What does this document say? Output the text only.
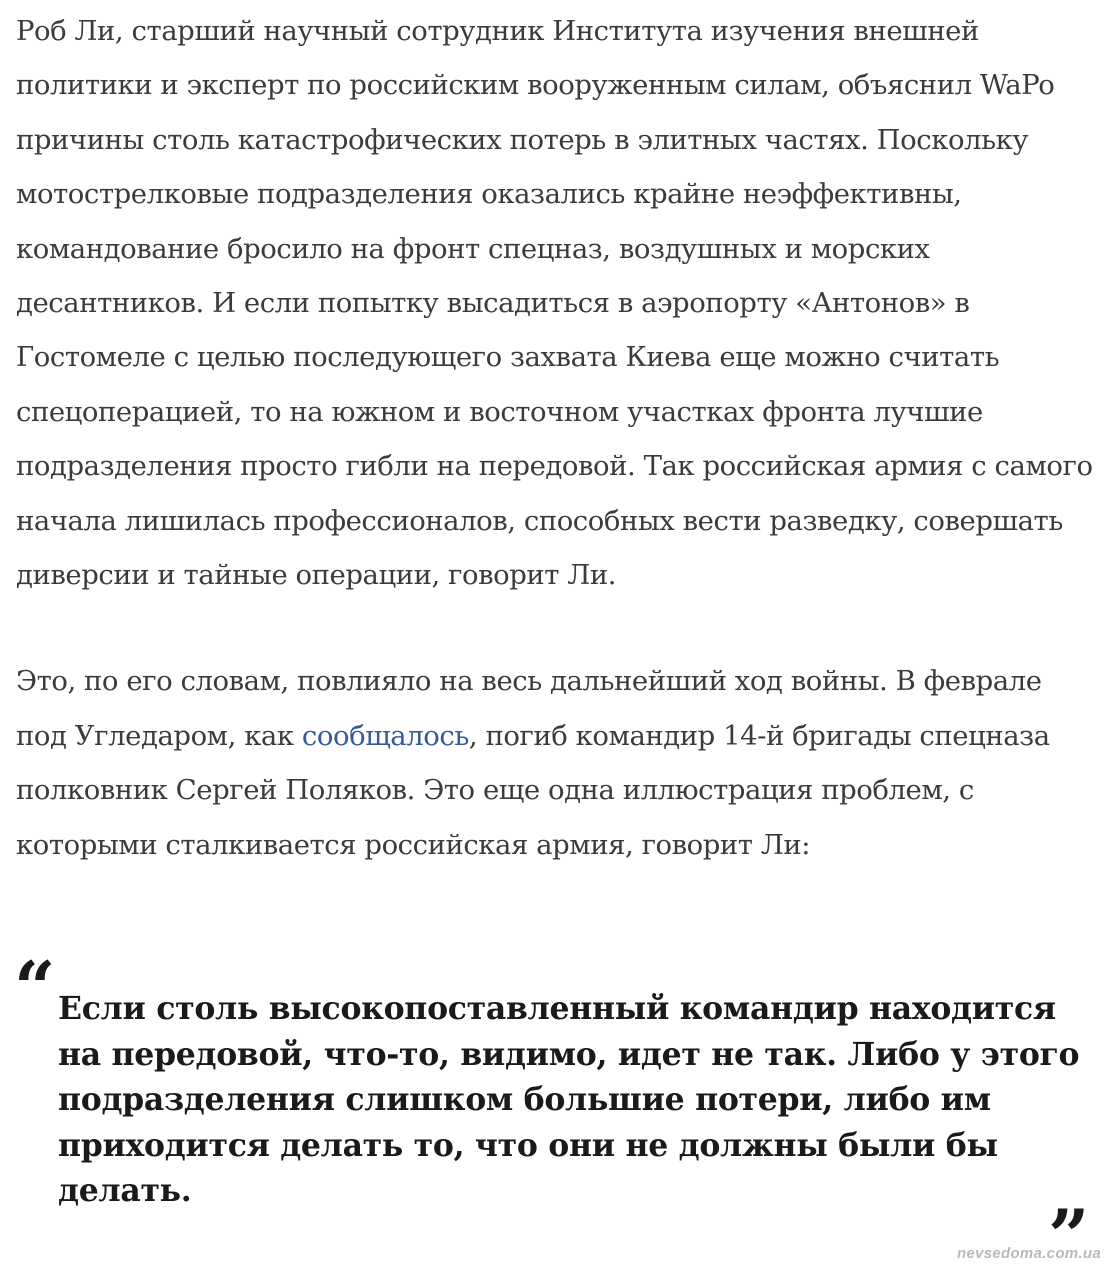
Роб Ли, старший научный сотрудник Института изучения внешней политики и эксперт по российским вооруженным силам, объяснил WaPo причины столь катастрофических потерь в элитных частях. Поскольку мотострелковые подразделения оказались крайне неэффективны, командование бросило на фронт спецназ, воздушных и морских десантников. И если попытку высадиться в аэропорту «Антонов» в Гостомеле с целью последующего захвата Киева еще можно считать спецоперацией, то на южном и восточном участках фронта лучшие подразделения просто гибли на передовой. Так российская армия с самого начала лишилась профессионалов, способных вести разведку, совершать диверсии и тайные операции, говорит Ли.

Это, по его словам, повлияло на весь дальнейший ход войны. В феврале под Угледаром, как сообщалось, погиб командир 14-й бригады спецназа полковник Сергей Поляков. Это еще одна иллюстрация проблем, с которыми сталкивается российская армия, говорит Ли:

“ Если столь высокопоставленный командир находится на передовой, что-то, видимо, идет не так. Либо у этого подразделения слишком большие потери, либо им приходится делать то, что они не должны были бы делать.

”
nevsedoma.com.ua
